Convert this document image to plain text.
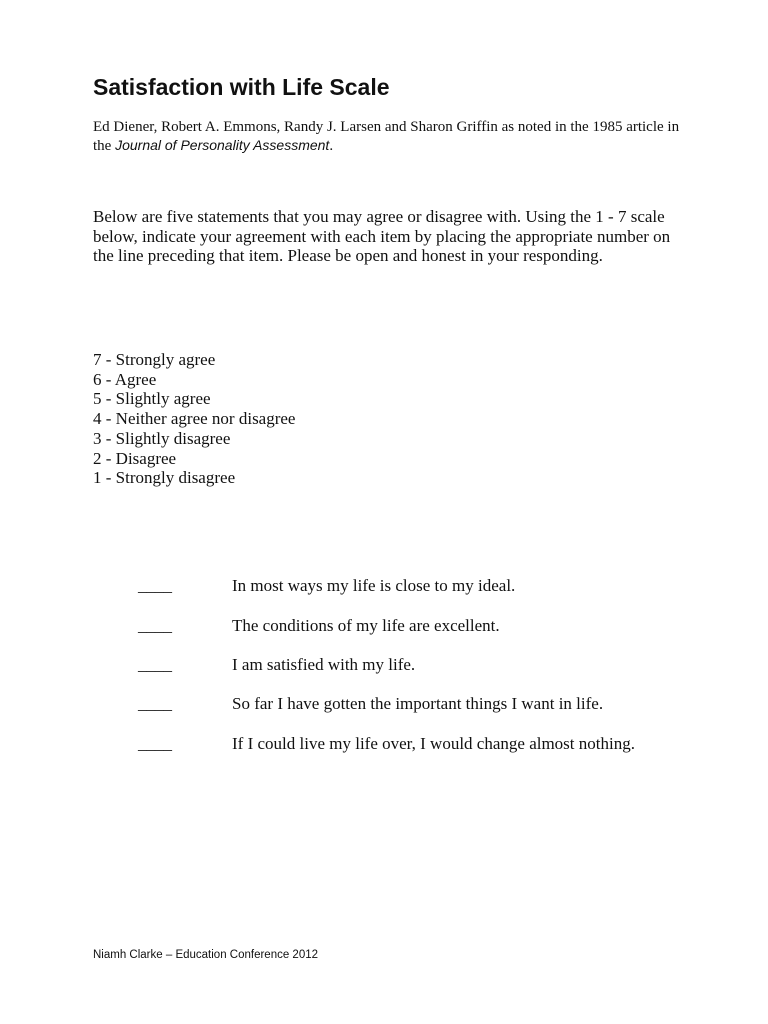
Satisfaction with Life Scale
Ed Diener, Robert A. Emmons, Randy J. Larsen and Sharon Griffin as noted in the 1985 article in the Journal of Personality Assessment.

Below are five statements that you may agree or disagree with. Using the 1 - 7 scale below, indicate your agreement with each item by placing the appropriate number on the line preceding that item. Please be open and honest in your responding.

7 - Strongly agree
6 - Agree
5 - Slightly agree
4 - Neither agree nor disagree
3 - Slightly disagree
2 - Disagree
1 - Strongly disagree
____	In most ways my life is close to my ideal.
____	The conditions of my life are excellent.
____	I am satisfied with my life.
____	So far I have gotten the important things I want in life.
____	If I could live my life over, I would change almost nothing.
Niamh Clarke – Education Conference 2012
